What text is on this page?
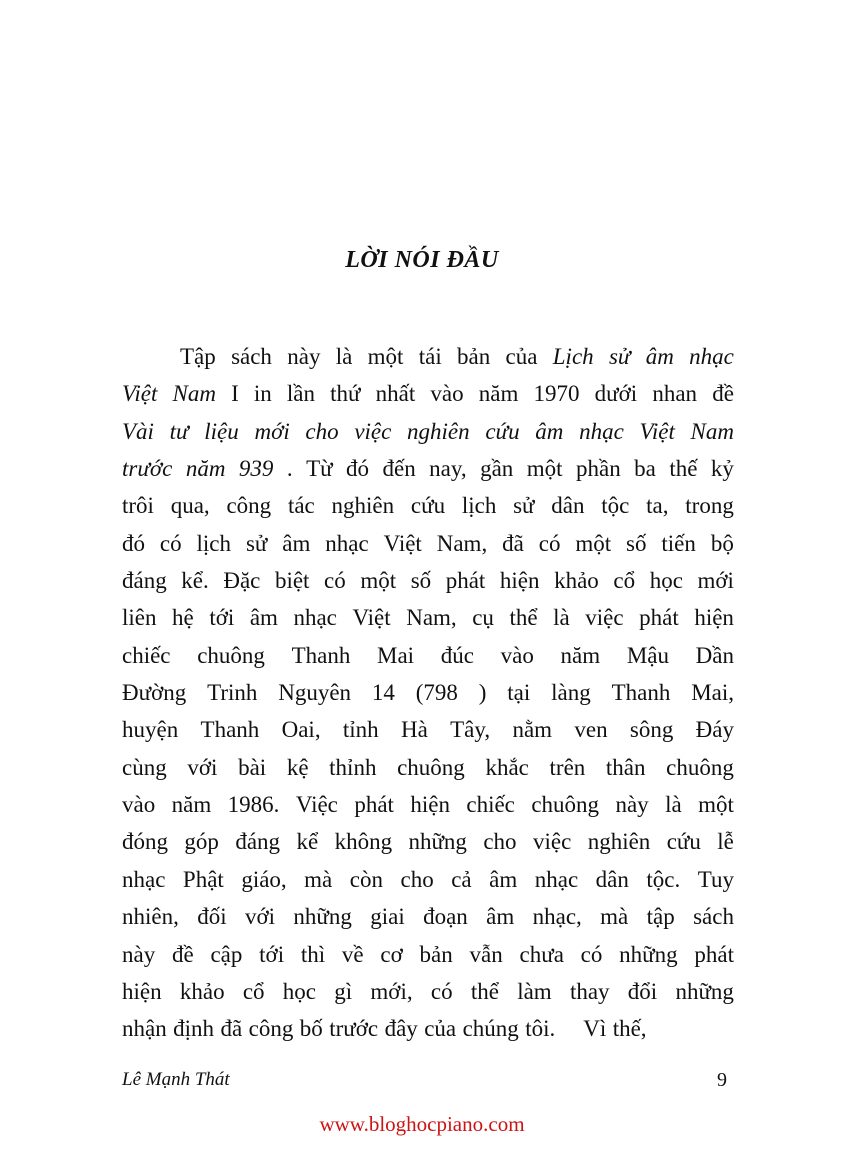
LỜI NÓI ĐẦU
Tập sách này là một tái bản của Lịch sử âm nhạc
Việt Nam I in lần thứ nhất vào năm 1970 dưới nhan đề
Vài tư liệu mới cho việc nghiên cứu âm nhạc Việt Nam
trước năm 939 . Từ đó đến nay, gần một phần ba thế kỷ
trôi qua, công tác nghiên cứu lịch sử dân tộc ta, trong
đó có lịch sử âm nhạc Việt Nam, đã có một số tiến bộ
đáng kể. Đặc biệt có một số phát hiện khảo cổ học mới
liên hệ tới âm nhạc Việt Nam, cụ thể là việc phát hiện
chiếc chuông Thanh Mai đúc vào năm Mậu Dần
Đường Trinh Nguyên 14 (798 ) tại làng Thanh Mai,
huyện Thanh Oai, tỉnh Hà Tây, nằm ven sông Đáy
cùng với bài kệ thỉnh chuông khắc trên thân chuông
vào năm 1986. Việc phát hiện chiếc chuông này là một
đóng góp đáng kể không những cho việc nghiên cứu lễ
nhạc Phật giáo, mà còn cho cả âm nhạc dân tộc. Tuy
nhiên, đối với những giai đoạn âm nhạc, mà tập sách
này đề cập tới thì về cơ bản vẫn chưa có những phát
hiện khảo cổ học gì mới, có thể làm thay đổi những
nhận định đã công bố trước đây của chúng tôi. Vì thế,
Lê Mạnh Thát	9
www.bloghocpiano.com
